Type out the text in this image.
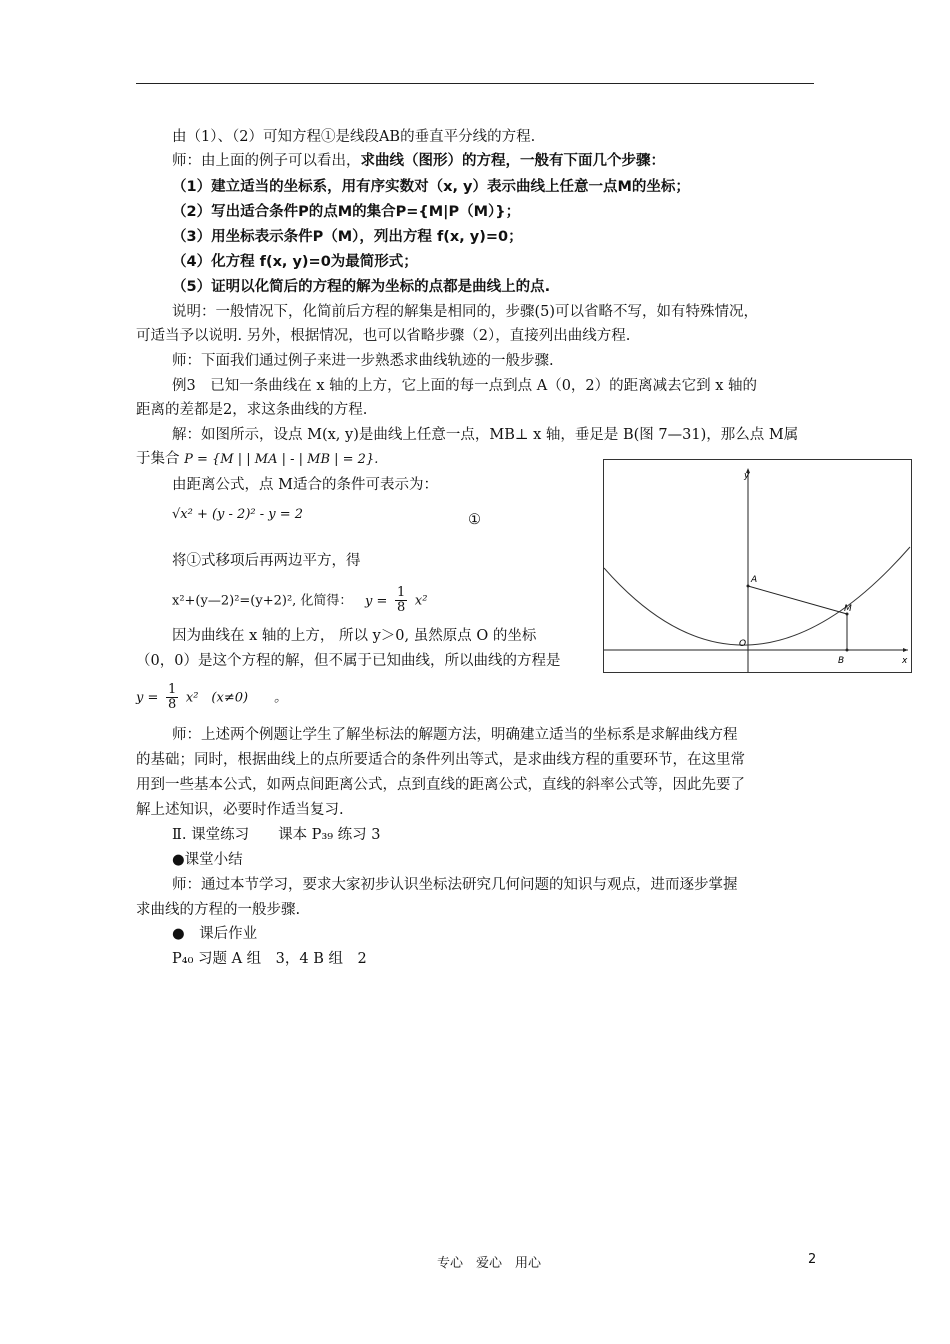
由（1）、（2）可知方程①是线段AB的垂直平分线的方程.
师：由上面的例子可以看出，求曲线（图形）的方程，一般有下面几个步骤：
（1）建立适当的坐标系，用有序实数对（x, y）表示曲线上任意一点M的坐标；
（2）写出适合条件P的点M的集合P={M|P（M）}；
（3）用坐标表示条件P（M），列出方程 f(x, y)=0；
（4）化方程 f(x, y)=0为最简形式；
（5）证明以化简后的方程的解为坐标的点都是曲线上的点.
说明：一般情况下，化简前后方程的解集是相同的，步骤(5)可以省略不写，如有特殊情况，
可适当予以说明. 另外，根据情况，也可以省略步骤（2），直接列出曲线方程.
师：下面我们通过例子来进一步熟悉求曲线轨迹的一般步骤.
例3　已知一条曲线在 x 轴的上方，它上面的每一点到点 A（0，2）的距离减去它到 x 轴的
距离的差都是2，求这条曲线的方程.
解：如图所示，设点 M(x, y)是曲线上任意一点，MB⊥ x 轴，垂足是 B(图 7—31)，那么点 M属
于集合 P = {M | | MA | - | MB | = 2}.
由距离公式，点 M适合的条件可表示为：
√x² + (y - 2)² - y = 2	①
将①式移项后再两边平方，得
x²+(y—2)²=(y+2)², 化简得： $y = \frac{1}{8} x^2$
因为曲线在 x 轴的上方， 所以 y＞0, 虽然原点 O 的坐标
（0，0）是这个方程的解，但不属于已知曲线，所以曲线的方程是
$y = \frac{1}{8} x^2$　(x≠0)　　。
师：上述两个例题让学生了解坐标法的解题方法，明确建立适当的坐标系是求解曲线方程
的基础；同时，根据曲线上的点所要适合的条件列出等式，是求曲线方程的重要环节，在这里常
用到一些基本公式，如两点间距离公式，点到直线的距离公式，直线的斜率公式等，因此先要了
解上述知识，必要时作适当复习.
Ⅱ. 课堂练习　　课本 P₃₉ 练习 3
●课堂小结
师：通过本节学习，要求大家初步认识坐标法研究几何问题的知识与观点，进而逐步掌握
求曲线的方程的一般步骤.
●　课后作业
P₄₀ 习题 A 组　3，4 B 组　2
y
x
A
M
O
B
专心　爱心　用心	2
